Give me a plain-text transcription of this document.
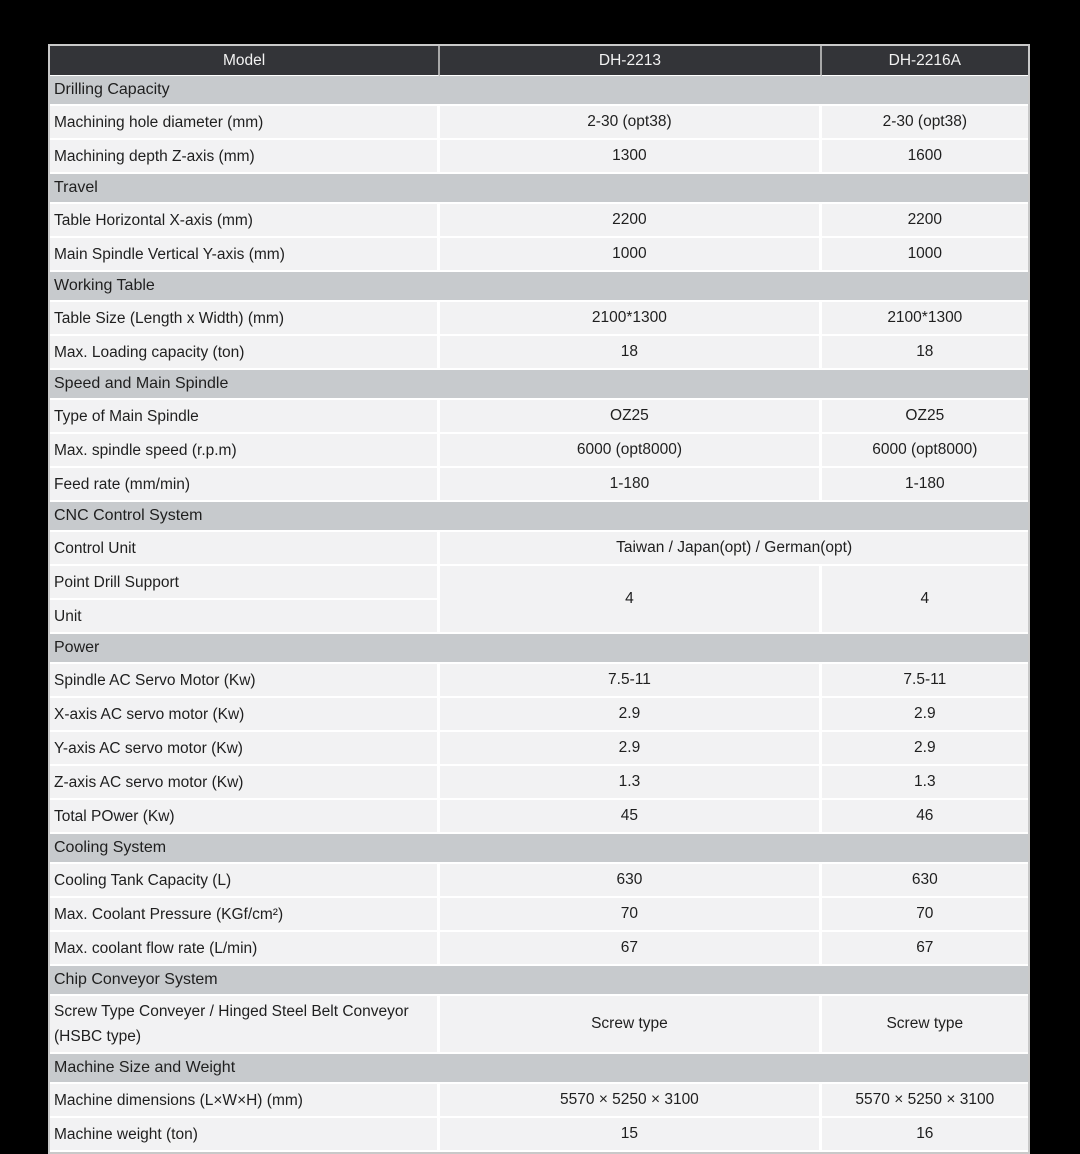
Model	DH-2213	DH-2216A
Drilling Capacity		
Machining hole diameter (mm)	2-30 (opt38)	2-30 (opt38)
Machining depth Z-axis (mm)	1300	1600
Travel		
Table Horizontal X-axis (mm)	2200	2200
Main Spindle Vertical Y-axis (mm)	1000	1000
Working Table		
Table Size (Length x Width) (mm)	2100*1300	2100*1300
Max. Loading capacity (ton)	18	18
Speed and Main Spindle		
Type of Main Spindle	OZ25	OZ25
Max. spindle speed (r.p.m)	6000 (opt8000)	6000 (opt8000)
Feed rate (mm/min)	1-180	1-180
CNC Control System		
Control Unit	Taiwan / Japan(opt) / German(opt)	
Point Drill Support	4	4
Unit		
Power		
Spindle AC Servo Motor (Kw)	7.5-11	7.5-11
X-axis AC servo motor (Kw)	2.9	2.9
Y-axis AC servo motor (Kw)	2.9	2.9
Z-axis AC servo motor (Kw)	1.3	1.3
Total POwer (Kw)	45	46
Cooling System		
Cooling Tank Capacity (L)	630	630
Max. Coolant Pressure (KGf/cm²)	70	70
Max. coolant flow rate (L/min)	67	67
Chip Conveyor System		
Screw Type Conveyer / Hinged Steel Belt Conveyor (HSBC type)	Screw type	Screw type
Machine Size and Weight		
Machine dimensions (L×W×H) (mm)	5570 × 5250 × 3100	5570 × 5250 × 3100
Machine weight (ton)	15	16
